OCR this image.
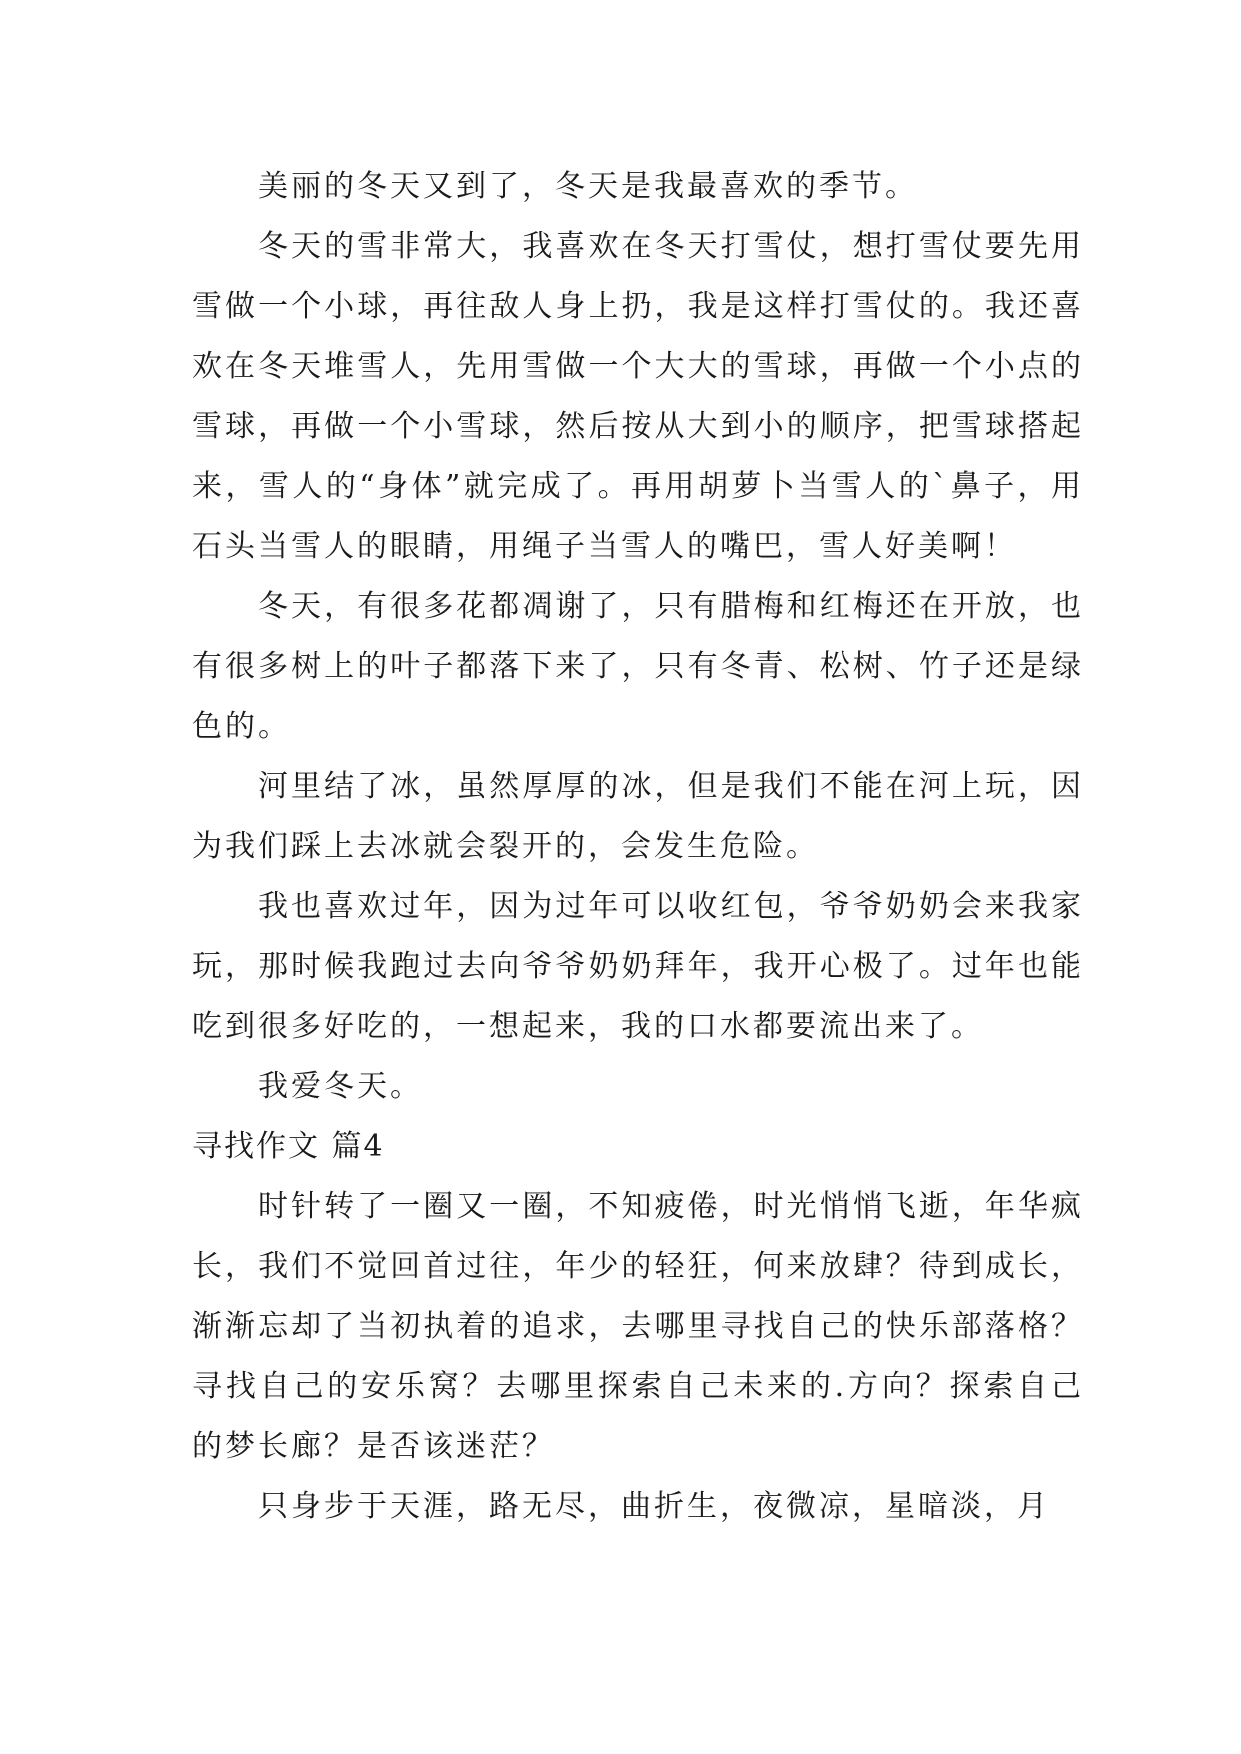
美丽的冬天又到了，冬天是我最喜欢的季节。

冬天的雪非常大，我喜欢在冬天打雪仗，想打雪仗要先用雪做一个小球，再往敌人身上扔，我是这样打雪仗的。我还喜欢在冬天堆雪人，先用雪做一个大大的雪球，再做一个小点的雪球，再做一个小雪球，然后按从大到小的顺序，把雪球搭起来，雪人的“身体”就完成了。再用胡萝卜当雪人的`鼻子，用石头当雪人的眼睛，用绳子当雪人的嘴巴，雪人好美啊！

冬天，有很多花都凋谢了，只有腊梅和红梅还在开放，也有很多树上的叶子都落下来了，只有冬青、松树、竹子还是绿色的。

河里结了冰，虽然厚厚的冰，但是我们不能在河上玩，因为我们踩上去冰就会裂开的，会发生危险。

我也喜欢过年，因为过年可以收红包，爷爷奶奶会来我家玩，那时候我跑过去向爷爷奶奶拜年，我开心极了。过年也能吃到很多好吃的，一想起来，我的口水都要流出来了。

我爱冬天。

寻找作文 篇4

时针转了一圈又一圈，不知疲倦，时光悄悄飞逝，年华疯长，我们不觉回首过往，年少的轻狂，何来放肆？待到成长，渐渐忘却了当初执着的追求，去哪里寻找自己的快乐部落格？寻找自己的安乐窝？去哪里探索自己未来的.方向？探索自己的梦长廊？是否该迷茫？

只身步于天涯，路无尽，曲折生，夜微凉，星暗淡，月
